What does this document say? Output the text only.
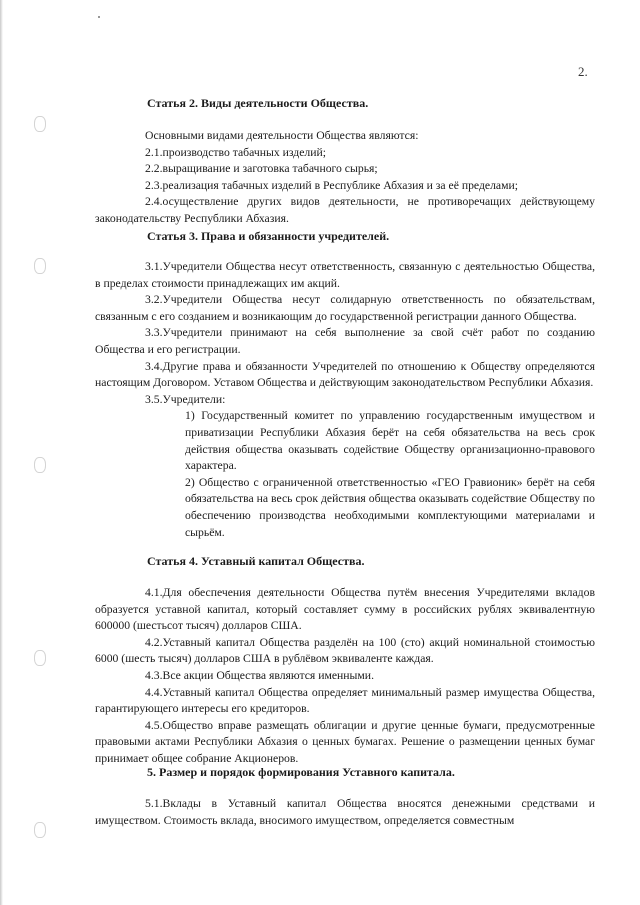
2.
Статья 2. Виды деятельности Общества.

Основными видами деятельности Общества являются:

2.1.производство табачных изделий;

2.2.выращивание и заготовка табачного сырья;

2.3.реализация табачных изделий в Республике Абхазия и за её пределами;

2.4.осуществление других видов деятельности, не противоречащих действующему законодательству Республики Абхазия.

Статья 3. Права и обязанности учредителей.

3.1.Учредители Общества несут ответственность, связанную с деятельностью Общества, в пределах стоимости принадлежащих им акций.

3.2.Учредители Общества несут солидарную ответственность по обязательствам, связанным с его созданием и возникающим до государственной регистрации данного Общества.

3.3.Учредители принимают на себя выполнение за свой счёт работ по созданию Общества и его регистрации.

3.4.Другие права и обязанности Учредителей по отношению к Обществу определяются настоящим Договором. Уставом Общества и действующим законодательством Республики Абхазия.

3.5.Учредители:

1) Государственный комитет по управлению государственным имуществом и приватизации Республики Абхазия берёт на себя обязательства на весь срок действия общества оказывать содействие Обществу организационно-правового характера.

2) Общество с ограниченной ответственностью «ГЕО Гравионик» берёт на себя обязательства на весь срок действия общества оказывать содействие Обществу по обеспечению производства необходимыми комплектующими материалами и сырьём.

Статья 4. Уставный капитал Общества.

4.1.Для обеспечения деятельности Общества путём внесения Учредителями вкладов образуется уставной капитал, который составляет сумму в российских рублях эквивалентную 600000 (шестьсот тысяч) долларов США.

4.2.Уставный капитал Общества разделён на 100 (сто) акций номинальной стоимостью 6000 (шесть тысяч) долларов США в рублёвом эквиваленте каждая.

4.3.Все акции Общества являются именными.

4.4.Уставный капитал Общества определяет минимальный размер имущества Общества, гарантирующего интересы его кредиторов.

4.5.Общество вправе размещать облигации и другие ценные бумаги, предусмотренные правовыми актами Республики Абхазия о ценных бумагах. Решение о размещении ценных бумаг принимает общее собрание Акционеров.

5. Размер и порядок формирования Уставного капитала.

5.1.Вклады в Уставный капитал Общества вносятся денежными средствами и имуществом. Стоимость вклада, вносимого имуществом, определяется совместным
